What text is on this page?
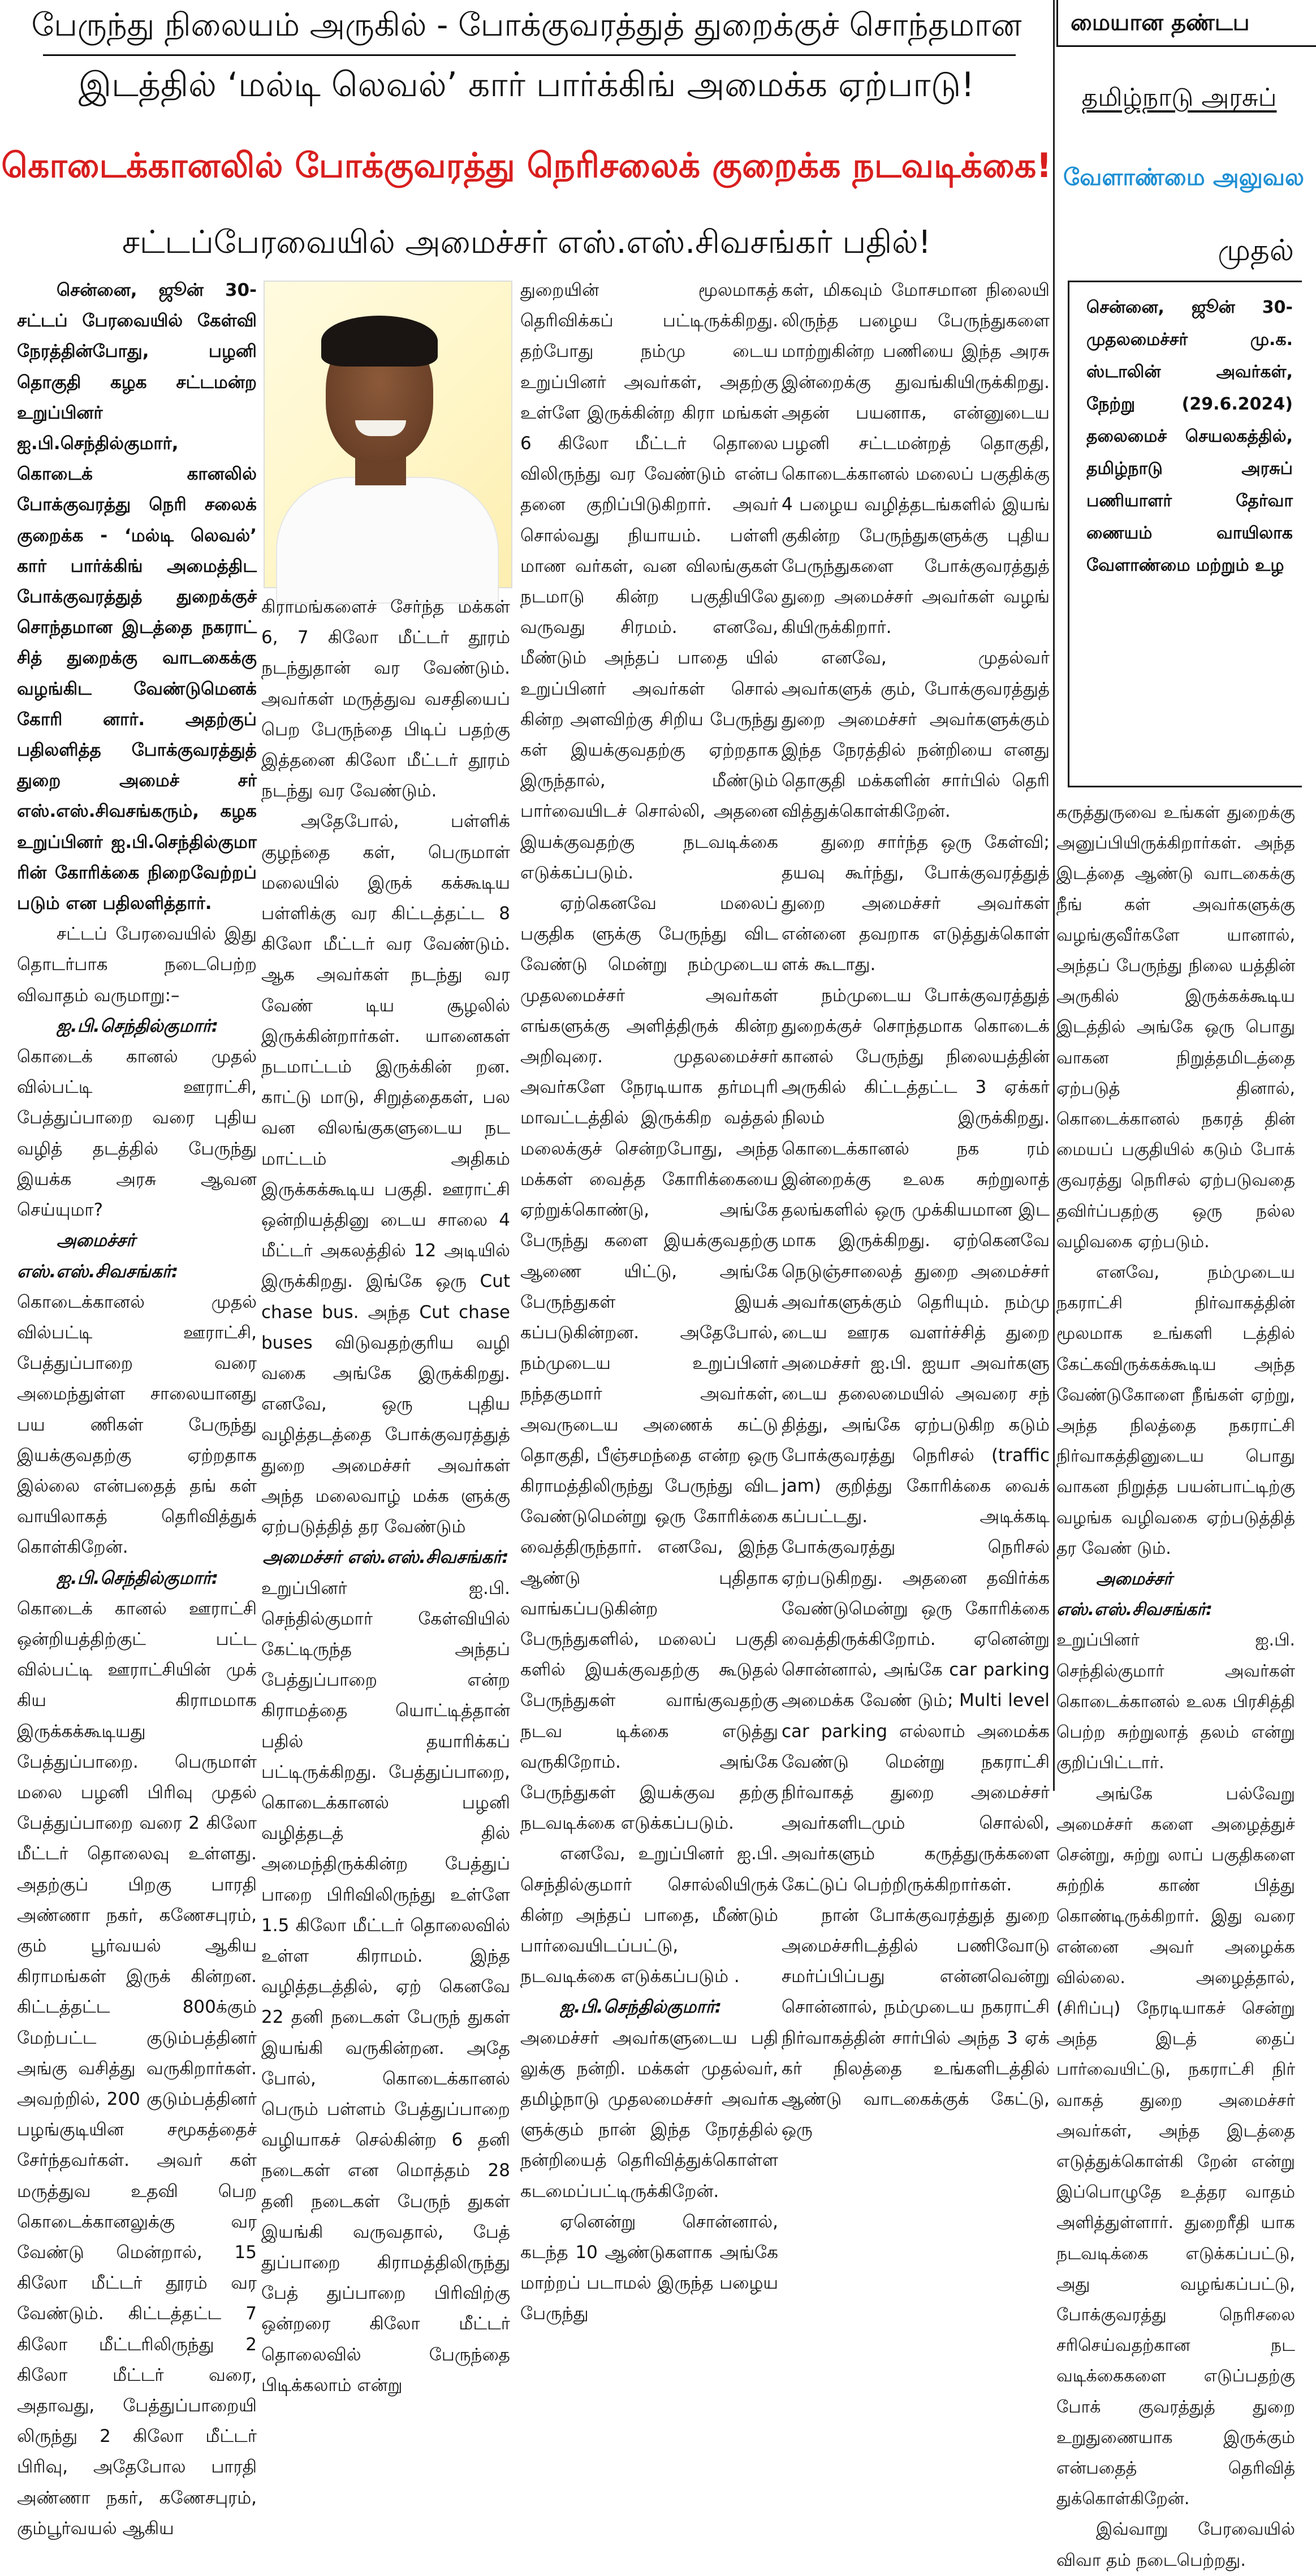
பேருந்து நிலையம் அருகில் - போக்குவரத்துத் துறைக்குச் சொந்தமான
இடத்தில் ‘மல்டி லெவல்’ கார் பார்க்கிங் அமைக்க ஏற்பாடு!
கொடைக்கானலில் போக்குவரத்து நெரிசலைக் குறைக்க நடவடிக்கை!
சட்டப்பேரவையில் அமைச்சர் எஸ்.எஸ்.சிவசங்கர் பதில்!

சென்னை, ஜூன் 30- சட்டப் பேரவையில் கேள்வி நேரத்தின்போது, பழனி தொகுதி கழக சட்டமன்ற உறுப்பினர் ஐ.பி.செந்தில்குமார், கொடைக் கானலில் போக்குவரத்து நெரி சலைக் குறைக்க - ‘மல்டி லெவல்’ கார் பார்க்கிங் அமைத்திட போக்குவரத்துத் துறைக்குச் சொந்தமான இடத்தை நகராட் சித் துறைக்கு வாடகைக்கு வழங்கிட வேண்டுமெனக் கோரி னார். அதற்குப் பதிலளித்த போக்குவரத்துத் துறை அமைச் சர் எஸ்.எஸ்.சிவசங்கரும், கழக உறுப்பினர் ஐ.பி.செந்தில்குமா ரின் கோரிக்கை நிறைவேற்றப் படும் என பதிலளித்தார்.

சட்டப் பேரவையில் இது தொடர்பாக நடைபெற்ற விவாதம் வருமாறு:–

ஐ.பி.செந்தில்குமார்: கொடைக் கானல் முதல் வில்பட்டி ஊராட்சி, பேத்துப்பாறை வரை புதிய வழித் தடத்தில் பேருந்து இயக்க அரசு ஆவன செய்யுமா?

அமைச்சர் எஸ்.எஸ்.சிவசங்கர்:

கொடைக்கானல் முதல் வில்பட்டி ஊராட்சி, பேத்துப்பாறை வரை அமைந்துள்ள சாலையானது பய ணிகள் பேருந்து இயக்குவதற்கு ஏற்றதாக இல்லை என்பதைத் தங் கள் வாயிலாகத் தெரிவித்துக் கொள்கிறேன்.

ஐ.பி.செந்தில்குமார்: கொடைக் கானல் ஊராட்சி ஒன்றியத்திற்குட் பட்ட வில்பட்டி ஊராட்சியின் முக் கிய கிராமமாக இருக்கக்கூடியது பேத்துப்பாறை. பெருமாள் மலை பழனி பிரிவு முதல் பேத்துப்பாறை வரை 2 கிலோ மீட்டர் தொலைவு உள்ளது. அதற்குப் பிறகு பாரதி அண்ணா நகர், கணேசபுரம், கும் பூர்வயல் ஆகிய கிராமங்கள் இருக் கின்றன. கிட்டத்தட்ட 800க்கும் மேற்பட்ட குடும்பத்தினர் அங்கு வசித்து வருகிறார்கள். அவற்றில், 200 குடும்பத்தினர் பழங்குடியின சமூகத்தைச் சேர்ந்தவர்கள். அவர் கள் மருத்துவ உதவி பெற கொடைக்கானலுக்கு வர வேண்டு மென்றால், 15 கிலோ மீட்டர் தூரம் வர வேண்டும். கிட்டத்தட்ட 7 கிலோ மீட்டரிலிருந்து 2 கிலோ மீட்டர் வரை, அதாவது, பேத்துப்பாறையி லிருந்து 2 கிலோ மீட்டர் பிரிவு, அதேபோல பாரதி அண்ணா நகர், கணேசபுரம், கும்பூர்வயல் ஆகிய

கிராமங்களைச் சேர்ந்த மக்கள் 6, 7 கிலோ மீட்டர் தூரம் நடந்துதான் வர வேண்டும். அவர்கள் மருத்துவ வசதியைப் பெற பேருந்தை பிடிப் பதற்கு இத்தனை கிலோ மீட்டர் தூரம் நடந்து வர வேண்டும்.

அதேபோல், பள்ளிக் குழந்தை கள், பெருமாள் மலையில் இருக் கக்கூடிய பள்ளிக்கு வர கிட்டத்தட்ட 8 கிலோ மீட்டர் வர வேண்டும். ஆக அவர்கள் நடந்து வர வேண் டிய சூழலில் இருக்கின்றார்கள். யானைகள் நடமாட்டம் இருக்கின் றன. காட்டு மாடு, சிறுத்தைகள், பல வன விலங்குகளுடைய நட மாட்டம் அதிகம் இருக்கக்கூடிய பகுதி. ஊராட்சி ஒன்றியத்தினு டைய சாலை 4 மீட்டர் அகலத்தில் 12 அடியில் இருக்கிறது. இங்கே ஒரு Cut chase bus. அந்த Cut chase buses விடுவதற்குரிய வழி வகை அங்கே இருக்கிறது. எனவே, ஒரு புதிய வழித்தடத்தை போக்குவரத்துத் துறை அமைச்சர் அவர்கள் அந்த மலைவாழ் மக்க ளுக்கு ஏற்படுத்தித் தர வேண்டும்

அமைச்சர் எஸ்.எஸ்.சிவசங்கர்:

உறுப்பினர் ஐ.பி. செந்தில்குமார் கேள்வியில் கேட்டிருந்த அந்தப் பேத்துப்பாறை என்ற கிராமத்தை யொட்டித்தான் பதில் தயாரிக்கப் பட்டிருக்கிறது. பேத்துப்பாறை, கொடைக்கானல் பழனி வழித்தடத் தில் அமைந்திருக்கின்ற பேத்துப் பாறை பிரிவிலிருந்து உள்ளே 1.5 கிலோ மீட்டர் தொலைவில் உள்ள கிராமம். இந்த வழித்தடத்தில், ஏற் கெனவே 22 தனி நடைகள் பேருந் துகள் இயங்கி வருகின்றன. அதே போல், கொடைக்கானல் பெரும் பள்ளம் பேத்துப்பாறை வழியாகச் செல்கின்ற 6 தனி நடைகள் என மொத்தம் 28 தனி நடைகள் பேருந் துகள் இயங்கி வருவதால், பேத் துப்பாறை கிராமத்திலிருந்து பேத் துப்பாறை பிரிவிற்கு ஒன்றரை கிலோ மீட்டர் தொலைவில் பேருந்தை பிடிக்கலாம் என்று

துறையின் மூலமாகத் தெரிவிக்கப் பட்டிருக்கிறது. தற்போது நம்மு டைய உறுப்பினர் அவர்கள், அதற்கு உள்ளே இருக்கின்ற கிரா மங்கள் 6 கிலோ மீட்டர் தொலை விலிருந்து வர வேண்டும் என்ப தனை குறிப்பிடுகிறார். அவர் சொல்வது நியாயம். பள்ளி மாண வர்கள், வன விலங்குகள் நடமாடு கின்ற பகுதியிலே வருவது சிரமம். எனவே, மீண்டும் அந்தப் பாதை யில் உறுப்பினர் அவர்கள் சொல் கின்ற அளவிற்கு சிறிய பேருந்து கள் இயக்குவதற்கு ஏற்றதாக இருந்தால், மீண்டும் பார்வையிடச் சொல்லி, அதனை இயக்குவதற்கு நடவடிக்கை எடுக்கப்படும்.

ஏற்கெனவே மலைப் பகுதிக ளுக்கு பேருந்து விட வேண்டு மென்று நம்முடைய முதலமைச்சர் அவர்கள் எங்களுக்கு அளித்திருக் கின்ற அறிவுரை. முதலமைச்சர் அவர்களே நேரடியாக தர்மபுரி மாவட்டத்தில் இருக்கிற வத்தல் மலைக்குச் சென்றபோது, அந்த மக்கள் வைத்த கோரிக்கையை ஏற்றுக்கொண்டு, அங்கே பேருந்து களை இயக்குவதற்கு ஆணை யிட்டு, அங்கே பேருந்துகள் இயக் கப்படுகின்றன. அதேபோல், நம்முடைய உறுப்பினர் நந்தகுமார் அவர்கள், அவருடைய அணைக் கட்டு தொகுதி, பீஞ்சமந்தை என்ற ஒரு கிராமத்திலிருந்து பேருந்து விட வேண்டுமென்று ஒரு கோரிக்கை வைத்திருந்தார். எனவே, இந்த ஆண்டு புதிதாக வாங்கப்படுகின்ற பேருந்துகளில், மலைப் பகுதி களில் இயக்குவதற்கு கூடுதல் பேருந்துகள் வாங்குவதற்கு நடவ டிக்கை எடுத்து வருகிறோம். அங்கே பேருந்துகள் இயக்குவ தற்கு நடவடிக்கை எடுக்கப்படும்.

எனவே, உறுப்பினர் ஐ.பி. செந்தில்குமார் சொல்லியிருக் கின்ற அந்தப் பாதை, மீண்டும் பார்வையிடப்பட்டு, நடவடிக்கை எடுக்கப்படும் .

ஐ.பி.செந்தில்குமார்: அமைச்சர் அவர்களுடைய பதி லுக்கு நன்றி. மக்கள் முதல்வர், தமிழ்நாடு முதலமைச்சர் அவர்க ளுக்கும் நான் இந்த நேரத்தில் நன்றியைத் தெரிவித்துக்கொள்ள கடமைப்பட்டிருக்கிறேன்.

ஏனென்று சொன்னால், கடந்த 10 ஆண்டுகளாக அங்கே மாற்றப் படாமல் இருந்த பழைய பேருந்து

கள், மிகவும் மோசமான நிலையி லிருந்த பழைய பேருந்துகளை மாற்றுகின்ற பணியை இந்த அரசு இன்றைக்கு துவங்கியிருக்கிறது. அதன் பயனாக, என்னுடைய பழனி சட்டமன்றத் தொகுதி, கொடைக்கானல் மலைப் பகுதிக்கு 4 பழைய வழித்தடங்களில் இயங் குகின்ற பேருந்துகளுக்கு புதிய பேருந்துகளை போக்குவரத்துத் துறை அமைச்சர் அவர்கள் வழங் கியிருக்கிறார்.

எனவே, முதல்வர் அவர்களுக் கும், போக்குவரத்துத் துறை அமைச்சர் அவர்களுக்கும் இந்த நேரத்தில் நன்றியை எனது தொகுதி மக்களின் சார்பில் தெரி வித்துக்கொள்கிறேன்.

துறை சார்ந்த ஒரு கேள்வி; தயவு கூர்ந்து, போக்குவரத்துத் துறை அமைச்சர் அவர்கள் என்னை தவறாக எடுத்துக்கொள் ளக் கூடாது.

நம்முடைய போக்குவரத்துத் துறைக்குச் சொந்தமாக கொடைக் கானல் பேருந்து நிலையத்தின் அருகில் கிட்டத்தட்ட 3 ஏக்கர் நிலம் இருக்கிறது. கொடைக்கானல் நக ரம் இன்றைக்கு உலக சுற்றுலாத் தலங்களில் ஒரு முக்கியமான இட மாக இருக்கிறது. ஏற்கெனவே நெடுஞ்சாலைத் துறை அமைச்சர் அவர்களுக்கும் தெரியும். நம்மு டைய ஊரக வளர்ச்சித் துறை அமைச்சர் ஐ.பி. ஐயா அவர்களு டைய தலைமையில் அவரை சந் தித்து, அங்கே ஏற்படுகிற கடும் போக்குவரத்து நெரிசல் (traffic jam) குறித்து கோரிக்கை வைக் கப்பட்டது. அடிக்கடி போக்குவரத்து நெரிசல் ஏற்படுகிறது. அதனை தவிர்க்க வேண்டுமென்று ஒரு கோரிக்கை வைத்திருக்கிறோம். ஏனென்று சொன்னால், அங்கே car parking அமைக்க வேண் டும்; Multi level car parking எல்லாம் அமைக்க வேண்டு மென்று நகராட்சி நிர்வாகத் துறை அமைச்சர் அவர்களிடமும் சொல்லி, அவர்களும் கருத்துருக்களை கேட்டுப் பெற்றிருக்கிறார்கள்.

நான் போக்குவரத்துத் துறை அமைச்சரிடத்தில் பணிவோடு சமர்ப்பிப்பது என்னவென்று சொன்னால், நம்முடைய நகராட்சி நிர்வாகத்தின் சார்பில் அந்த 3 ஏக் கர் நிலத்தை உங்களிடத்தில் ஆண்டு வாடகைக்குக் கேட்டு, ஒரு

மையான தண்டப
தமிழ்நாடு அரசுப்
வேளாண்மை அலுவல
முதல்

சென்னை, ஜூன் 30- முதலமைச்சர் மு.க. ஸ்டாலின் அவர்கள், நேற்று (29.6.2024) தலைமைச் செயலகத்தில், தமிழ்நாடு அரசுப் பணியாளர் தேர்வா ணையம் வாயிலாக வேளாண்மை மற்றும் உழ

கருத்துருவை உங்கள் துறைக்கு அனுப்பியிருக்கிறார்கள். அந்த இடத்தை ஆண்டு வாடகைக்கு நீங் கள் அவர்களுக்கு வழங்குவீர்களே யானால், அந்தப் பேருந்து நிலை யத்தின் அருகில் இருக்கக்கூடிய இடத்தில் அங்கே ஒரு பொது வாகன நிறுத்தமிடத்தை ஏற்படுத் தினால், கொடைக்கானல் நகரத் தின் மையப் பகுதியில் கடும் போக் குவரத்து நெரிசல் ஏற்படுவதை தவிர்ப்பதற்கு ஒரு நல்ல வழிவகை ஏற்படும்.

எனவே, நம்முடைய நகராட்சி நிர்வாகத்தின் மூலமாக உங்களி டத்தில் கேட்கவிருக்கக்கூடிய அந்த வேண்டுகோளை நீங்கள் ஏற்று, அந்த நிலத்தை நகராட்சி நிர்வாகத்தினுடைய பொது வாகன நிறுத்த பயன்பாட்டிற்கு வழங்க வழிவகை ஏற்படுத்தித் தர வேண் டும்.

அமைச்சர் எஸ்.எஸ்.சிவசங்கர்:

உறுப்பினர் ஐ.பி. செந்தில்குமார் அவர்கள் கொடைக்கானல் உலக பிரசித்தி பெற்ற சுற்றுலாத் தலம் என்று குறிப்பிட்டார்.

அங்கே பல்வேறு அமைச்சர் களை அழைத்துச் சென்று, சுற்று லாப் பகுதிகளை சுற்றிக் காண் பித்து கொண்டிருக்கிறார். இது வரை என்னை அவர் அழைக்க வில்லை. அழைத்தால், (சிரிப்பு) நேரடியாகச் சென்று அந்த இடத் தைப் பார்வையிட்டு, நகராட்சி நிர் வாகத் துறை அமைச்சர் அவர்கள், அந்த இடத்தை எடுத்துக்கொள்கி றேன் என்று இப்பொழுதே உத்தர வாதம் அளித்துள்ளார். துறைரீதி யாக நடவடிக்கை எடுக்கப்பட்டு, அது வழங்கப்பட்டு, போக்குவரத்து நெரிசலை சரிசெய்வதற்கான நட வடிக்கைகளை எடுப்பதற்கு போக் குவரத்துத் துறை உறுதுணையாக இருக்கும் என்பதைத் தெரிவித் துக்கொள்கிறேன்.

இவ்வாறு பேரவையில் விவா தம் நடைபெற்றது.
